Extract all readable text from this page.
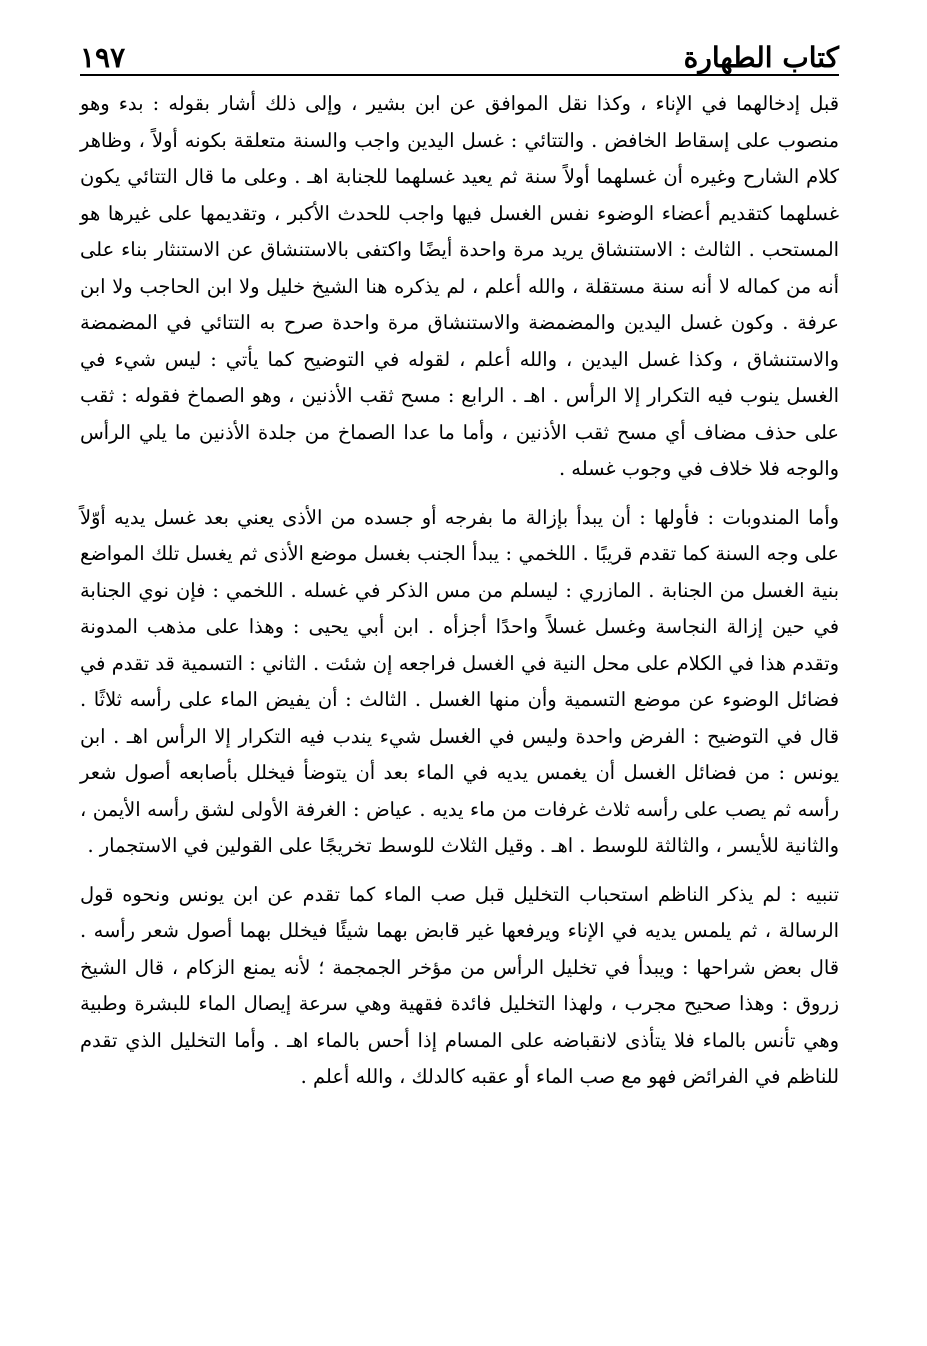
كتاب الطهارة
١٩٧

قبل إدخالهما في الإناء ، وكذا نقل الموافق عن ابن بشير ، وإلى ذلك أشار بقوله : بدء وهو منصوب على إسقاط الخافض . والتتائي : غسل اليدين واجب والسنة متعلقة بكونه أولاً ، وظاهر كلام الشارح وغيره أن غسلهما أولاً سنة ثم يعيد غسلهما للجنابة اهـ . وعلى ما قال التتائي يكون غسلهما كتقديم أعضاء الوضوء نفس الغسل فيها واجب للحدث الأكبر ، وتقديمها على غيرها هو المستحب . الثالث : الاستنشاق يريد مرة واحدة أيضًا واكتفى بالاستنشاق عن الاستنثار بناء على أنه من كماله لا أنه سنة مستقلة ، والله أعلم ، لم يذكره هنا الشيخ خليل ولا ابن الحاجب ولا ابن عرفة . وكون غسل اليدين والمضمضة والاستنشاق مرة واحدة صرح به التتائي في المضمضة والاستنشاق ، وكذا غسل اليدين ، والله أعلم ، لقوله في التوضيح كما يأتي : ليس شيء في الغسل ينوب فيه التكرار إلا الرأس . اهـ . الرابع : مسح ثقب الأذنين ، وهو الصماخ فقوله : ثقب على حذف مضاف أي مسح ثقب الأذنين ، وأما ما عدا الصماخ من جلدة الأذنين ما يلي الرأس والوجه فلا خلاف في وجوب غسله .

وأما المندوبات : فأولها : أن يبدأ بإزالة ما بفرجه أو جسده من الأذى يعني بعد غسل يديه أوّلاً على وجه السنة كما تقدم قريبًا . اللخمي : يبدأ الجنب بغسل موضع الأذى ثم يغسل تلك المواضع بنية الغسل من الجنابة . المازري : ليسلم من مس الذكر في غسله . اللخمي : فإن نوي الجنابة في حين إزالة النجاسة وغسل غسلاً واحدًا أجزأه . ابن أبي يحيى : وهذا على مذهب المدونة وتقدم هذا في الكلام على محل النية في الغسل فراجعه إن شئت . الثاني : التسمية قد تقدم في فضائل الوضوء عن موضع التسمية وأن منها الغسل . الثالث : أن يفيض الماء على رأسه ثلاثًا . قال في التوضيح : الفرض واحدة وليس في الغسل شيء يندب فيه التكرار إلا الرأس اهـ . ابن يونس : من فضائل الغسل أن يغمس يديه في الماء بعد أن يتوضأ فيخلل بأصابعه أصول شعر رأسه ثم يصب على رأسه ثلاث غرفات من ماء يديه . عياض : الغرفة الأولى لشق رأسه الأيمن ، والثانية للأيسر ، والثالثة للوسط . اهـ . وقيل الثلاث للوسط تخريجًا على القولين في الاستجمار .

تنبيه : لم يذكر الناظم استحباب التخليل قبل صب الماء كما تقدم عن ابن يونس ونحوه قول الرسالة ، ثم يلمس يديه في الإناء ويرفعها غير قابض بهما شيئًا فيخلل بهما أصول شعر رأسه . قال بعض شراحها : ويبدأ في تخليل الرأس من مؤخر الجمجمة ؛ لأنه يمنع الزكام ، قال الشيخ زروق : وهذا صحيح مجرب ، ولهذا التخليل فائدة فقهية وهي سرعة إيصال الماء للبشرة وطبية وهي تأنس بالماء فلا يتأذى لانقباضه على المسام إذا أحس بالماء اهـ . وأما التخليل الذي تقدم للناظم في الفرائض فهو مع صب الماء أو عقبه كالدلك ، والله أعلم .
